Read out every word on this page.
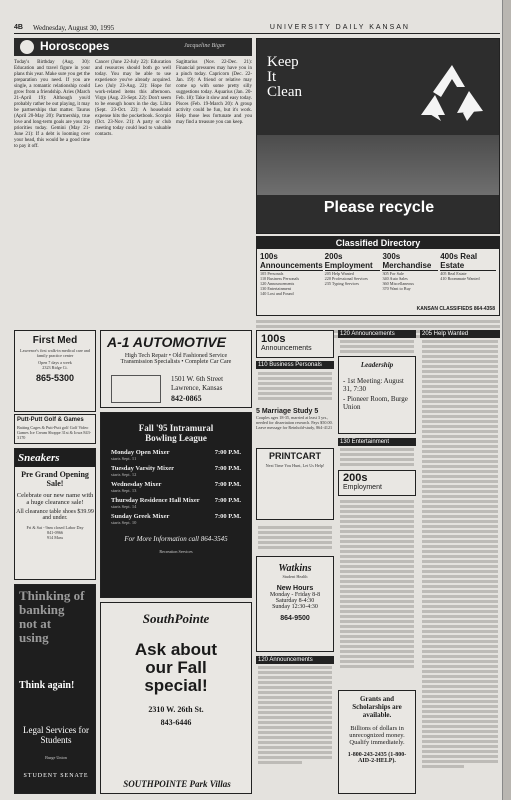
4B Wednesday, August 30, 1995	UNIVERSITY DAILY KANSAN
Horoscopes	Jacqueline Bigar

Today's Birthday (Aug. 30): Education and travel figure in your plans this year. Make sure you get the preparation you need. If you are single, a romantic relationship could grow from a friendship. Aries (March 21-April 19): Although you'd probably rather be out playing, it may be partnerships that matter. Taurus (April 20-May 20): Partnership, true love and long-term goals are your top priorities today. Gemini (May 21-June 21): If a debt is looming over your head, this would be a good time to pay it off.

Cancer (June 22-July 22): Education and resources should both go well today. You may be able to use experience you've already acquired. Leo (July 23-Aug. 22): Hope for work-related items this afternoon. Virgo (Aug. 23-Sept. 22): Don't seem to be enough hours in the day. Libra (Sept. 23-Oct. 22): A household expense hits the pocketbook. Scorpio (Oct. 23-Nov. 21): A party or club meeting today could lead to valuable contacts.

Sagittarius (Nov. 22-Dec. 21): Financial pressures may have you in a pinch today. Capricorn (Dec. 22-Jan. 19): A friend or relative may come up with some pretty silly suggestions today. Aquarius (Jan. 20-Feb. 18): Take it slow and easy today. Pisces (Feb. 19-March 20): A group activity could be fun, but it's work. Help those less fortunate and you may find a treasure you can keep.

Keep
It
Clean
Please recycle
Classified Directory
100s Announcements
105 Personals
110 Business Personals
120 Announcements
130 Entertainment
140 Lost and Found
200s Employment
205 Help Wanted
220 Professional Services
235 Typing Services
300s Merchandise
305 For Sale
340 Auto Sales
360 Miscellaneous
370 Want to Buy
400s Real Estate
405 Real Estate
410 Roommate Wanted
KANSAN CLASSIFIEDS 864-4358
First Med
Lawrence's first walk-in medical care and family practice center
Open 7 days a week
2323 Ridge Ct.
865-5300
Putt-Putt Golf & Games
Batting Cages & Putt-Putt golf Golf Video Games Ice Cream Shoppe 31st & Iowa 843-3170
Sneakers
Pre Grand Opening Sale!
Celebrate our new name with a huge clearance sale!
All clearance table shoes $39.99 and under.
Fri & Sat - 9am closed Labor Day
841-0966
914 Mass
Thinking of
banking
not at
using
Think again!
Legal Services for Students
Burge Union
STUDENT SENATE
A-1 AUTOMOTIVE
High Tech Repair • Old Fashioned Service
Transmission Specialists • Complete Car Care
1501 W. 6th Street
Lawrence, Kansas
842-0865
Fall '95 Intramural Bowling League
Monday Open Mixer
starts Sept. 11
7:00 P.M.
Tuesday Varsity Mixer
starts Sept. 12
7:00 P.M.
Wednesday Mixer
starts Sept. 13
7:00 P.M.
Thursday Residence Hall Mixer
starts Sept. 14
7:00 P.M.
Sunday Greek Mixer
starts Sept. 10
7:00 P.M.
For More Information call 864-3545
Recreation Services
SouthPointe
Ask about
our Fall
special!
2310 W. 26th St.
843-6446
SOUTHPOINTE Park Villas
100s
Announcements
110 Business Personals
5 Marriage Study 5
Couples ages 18-35, married at least 3 yrs., needed for dissertation research. Pays $50.00. Leave message for Reinhold-study, 864-4121
PRINTCART
Next Time You Hunt, Let Us Help!
Watkins
Student Health
New Hours
Monday - Friday 8-8
Saturday 8-4:30
Sunday 12:30-4:30
864-9500
120 Announcements
120 Announcements
Leadership
- 1st Meeting: August 31, 7:30
- Pioneer Room, Burge Union
130 Entertainment
200s
Employment
Grants and Scholarships are available.
Billions of dollars in unrecognized money. Qualify immediately.
1-800-243-2435 (1-800-AID-2-HELP).
205 Help Wanted
